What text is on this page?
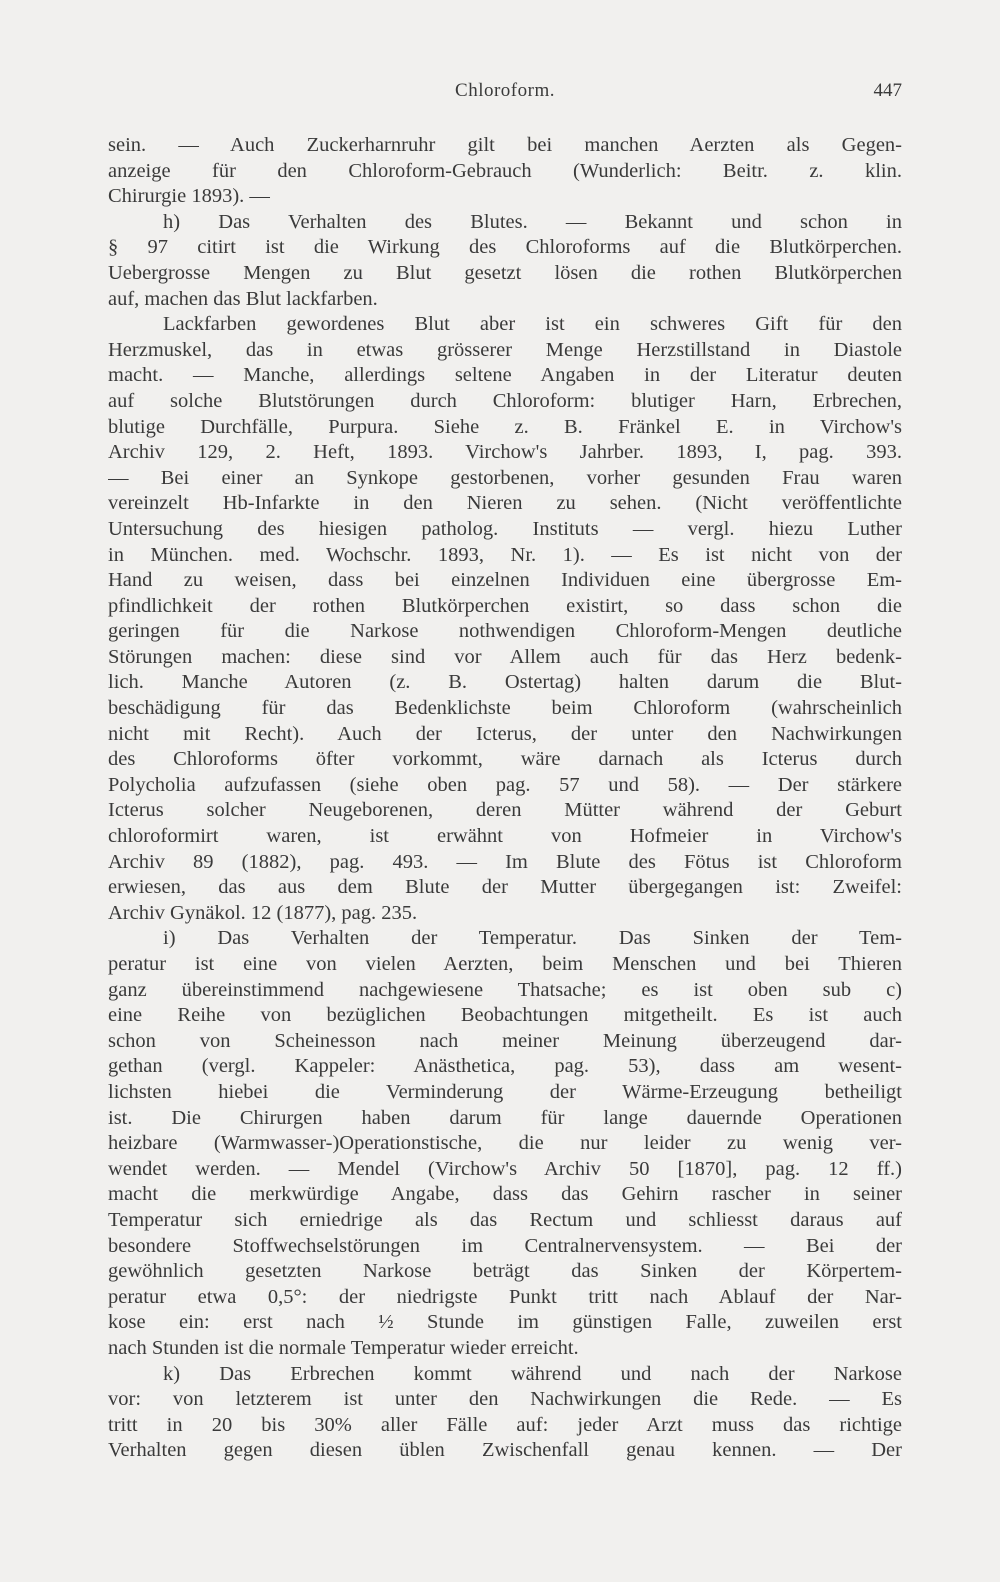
Chloroform.	447
sein. — Auch Zuckerharnruhr gilt bei manchen Aerzten als Gegen-
anzeige für den Chloroform-Gebrauch (Wunderlich: Beitr. z. klin.
Chirurgie 1893). —
h) Das Verhalten des Blutes. — Bekannt und schon in
§ 97 citirt ist die Wirkung des Chloroforms auf die Blutkörperchen.
Uebergrosse Mengen zu Blut gesetzt lösen die rothen Blutkörperchen
auf, machen das Blut lackfarben.
Lackfarben gewordenes Blut aber ist ein schweres Gift für den
Herzmuskel, das in etwas grösserer Menge Herzstillstand in Diastole
macht. — Manche, allerdings seltene Angaben in der Literatur deuten
auf solche Blutstörungen durch Chloroform: blutiger Harn, Erbrechen,
blutige Durchfälle, Purpura. Siehe z. B. Fränkel E. in Virchow's
Archiv 129, 2. Heft, 1893. Virchow's Jahrber. 1893, I, pag. 393.
— Bei einer an Synkope gestorbenen, vorher gesunden Frau waren
vereinzelt Hb-Infarkte in den Nieren zu sehen. (Nicht veröffentlichte
Untersuchung des hiesigen patholog. Instituts — vergl. hiezu Luther
in München. med. Wochschr. 1893, Nr. 1). — Es ist nicht von der
Hand zu weisen, dass bei einzelnen Individuen eine übergrosse Em-
pfindlichkeit der rothen Blutkörperchen existirt, so dass schon die
geringen für die Narkose nothwendigen Chloroform-Mengen deutliche
Störungen machen: diese sind vor Allem auch für das Herz bedenk-
lich. Manche Autoren (z. B. Ostertag) halten darum die Blut-
beschädigung für das Bedenklichste beim Chloroform (wahrscheinlich
nicht mit Recht). Auch der Icterus, der unter den Nachwirkungen
des Chloroforms öfter vorkommt, wäre darnach als Icterus durch
Polycholia aufzufassen (siehe oben pag. 57 und 58). — Der stärkere
Icterus solcher Neugeborenen, deren Mütter während der Geburt
chloroformirt waren, ist erwähnt von Hofmeier in Virchow's
Archiv 89 (1882), pag. 493. — Im Blute des Fötus ist Chloroform
erwiesen, das aus dem Blute der Mutter übergegangen ist: Zweifel:
Archiv Gynäkol. 12 (1877), pag. 235.
i) Das Verhalten der Temperatur. Das Sinken der Tem-
peratur ist eine von vielen Aerzten, beim Menschen und bei Thieren
ganz übereinstimmend nachgewiesene Thatsache; es ist oben sub c)
eine Reihe von bezüglichen Beobachtungen mitgetheilt. Es ist auch
schon von Scheinesson nach meiner Meinung überzeugend dar-
gethan (vergl. Kappeler: Anästhetica, pag. 53), dass am wesent-
lichsten hiebei die Verminderung der Wärme-Erzeugung betheiligt
ist. Die Chirurgen haben darum für lange dauernde Operationen
heizbare (Warmwasser-)Operationstische, die nur leider zu wenig ver-
wendet werden. — Mendel (Virchow's Archiv 50 [1870], pag. 12 ff.)
macht die merkwürdige Angabe, dass das Gehirn rascher in seiner
Temperatur sich erniedrige als das Rectum und schliesst daraus auf
besondere Stoffwechselstörungen im Centralnervensystem. — Bei der
gewöhnlich gesetzten Narkose beträgt das Sinken der Körpertem-
peratur etwa 0,5°: der niedrigste Punkt tritt nach Ablauf der Nar-
kose ein: erst nach ½ Stunde im günstigen Falle, zuweilen erst
nach Stunden ist die normale Temperatur wieder erreicht.
k) Das Erbrechen kommt während und nach der Narkose
vor: von letzterem ist unter den Nachwirkungen die Rede. — Es
tritt in 20 bis 30% aller Fälle auf: jeder Arzt muss das richtige
Verhalten gegen diesen üblen Zwischenfall genau kennen. — Der
